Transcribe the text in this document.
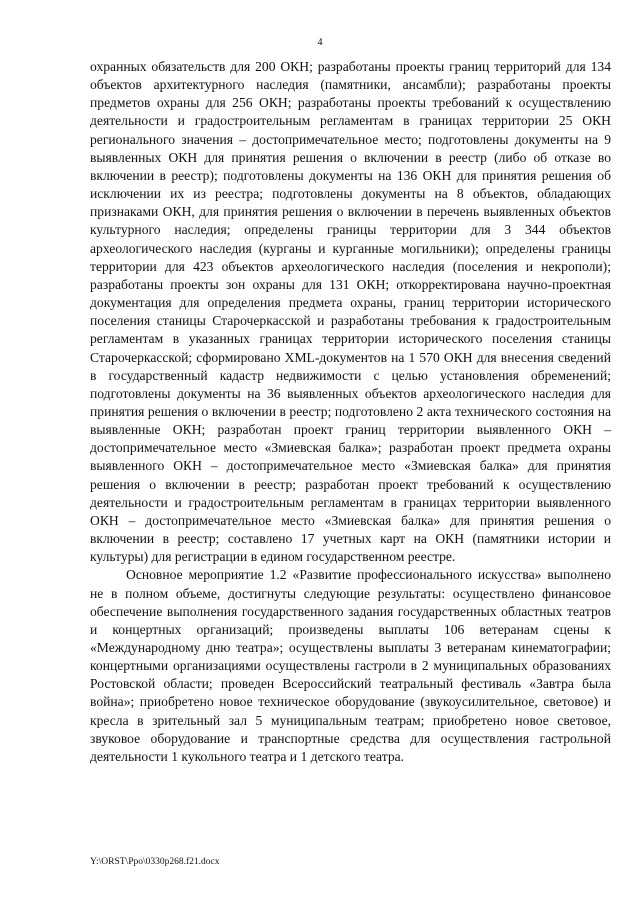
4

охранных обязательств для 200 ОКН; разработаны проекты границ территорий для 134 объектов архитектурного наследия (памятники, ансамбли); разработаны проекты предметов охраны для 256 ОКН; разработаны проекты требований к осуществлению деятельности и градостроительным регламентам в границах территории 25 ОКН регионального значения – достопримечательное место; подготовлены документы на 9 выявленных ОКН для принятия решения о включении в реестр (либо об отказе во включении в реестр); подготовлены документы на 136 ОКН для принятия решения об исключении их из реестра; подготовлены документы на 8 объектов, обладающих признаками ОКН, для принятия решения о включении в перечень выявленных объектов культурного наследия; определены границы территории для 3 344 объектов археологического наследия (курганы и курганные могильники); определены границы территории для 423 объектов археологического наследия (поселения и некрополи); разработаны проекты зон охраны для 131 ОКН; откорректирована научно-проектная документация для определения предмета охраны, границ территории исторического поселения станицы Старочеркасской и разработаны требования к градостроительным регламентам в указанных границах территории исторического поселения станицы Старочеркасской; сформировано XML-документов на 1 570 ОКН для внесения сведений в государственный кадастр недвижимости с целью установления обременений; подготовлены документы на 36 выявленных объектов археологического наследия для принятия решения о включении в реестр; подготовлено 2 акта технического состояния на выявленные ОКН; разработан проект границ территории выявленного ОКН – достопримечательное место «Змиевская балка»; разработан проект предмета охраны выявленного ОКН – достопримечательное место «Змиевская балка» для принятия решения о включении в реестр; разработан проект требований к осуществлению деятельности и градостроительным регламентам в границах территории выявленного ОКН – достопримечательное место «Змиевская балка» для принятия решения о включении в реестр; составлено 17 учетных карт на ОКН (памятники истории и культуры) для регистрации в едином государственном реестре.

Основное мероприятие 1.2 «Развитие профессионального искусства» выполнено не в полном объеме, достигнуты следующие результаты: осуществлено финансовое обеспечение выполнения государственного задания государственных областных театров и концертных организаций; произведены выплаты 106 ветеранам сцены к «Международному дню театра»; осуществлены выплаты 3 ветеранам кинематографии; концертными организациями осуществлены гастроли в 2 муниципальных образованиях Ростовской области; проведен Всероссийский театральный фестиваль «Завтра была война»; приобретено новое техническое оборудование (звукоусилительное, световое) и кресла в зрительный зал 5 муниципальным театрам; приобретено новое световое, звуковое оборудование и транспортные средства для осуществления гастрольной деятельности 1 кукольного театра и 1 детского театра.

Y:\ORST\Ppo\0330p268.f21.docx
